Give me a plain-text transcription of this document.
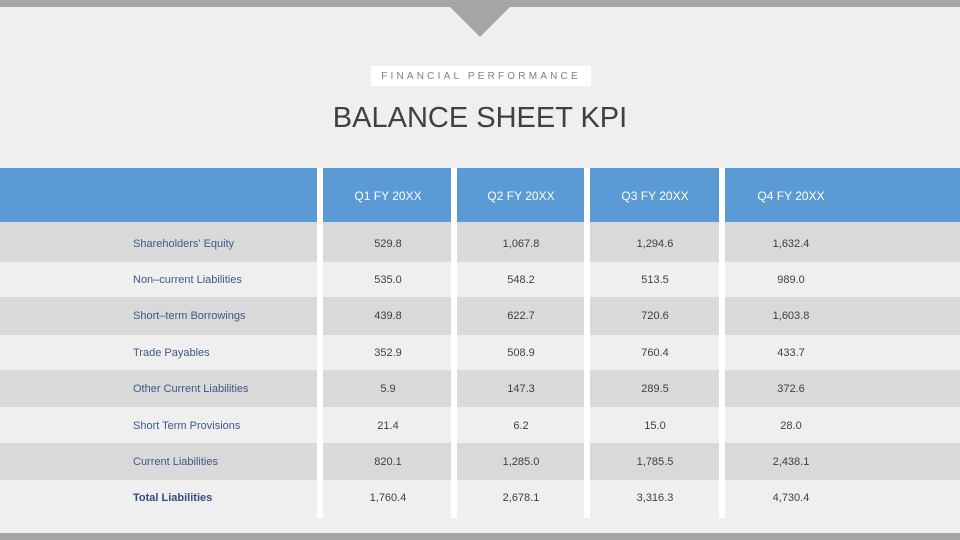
FINANCIAL PERFORMANCE
BALANCE SHEET KPI
Q1 FY 20XX	Q2 FY 20XX	Q3 FY 20XX	Q4 FY 20XX
Shareholders' Equity	529.8	1,067.8	1,294.6	1,632.4
Non–current Liabilities	535.0	548.2	513.5	989.0
Short–term Borrowings	439.8	622.7	720.6	1,603.8
Trade Payables	352.9	508.9	760.4	433.7
Other Current Liabilities	5.9	147.3	289.5	372.6
Short Term Provisions	21.4	6.2	15.0	28.0
Current Liabilities	820.1	1,285.0	1,785.5	2,438.1
Total Liabilities	1,760.4	2,678.1	3,316.3	4,730.4
